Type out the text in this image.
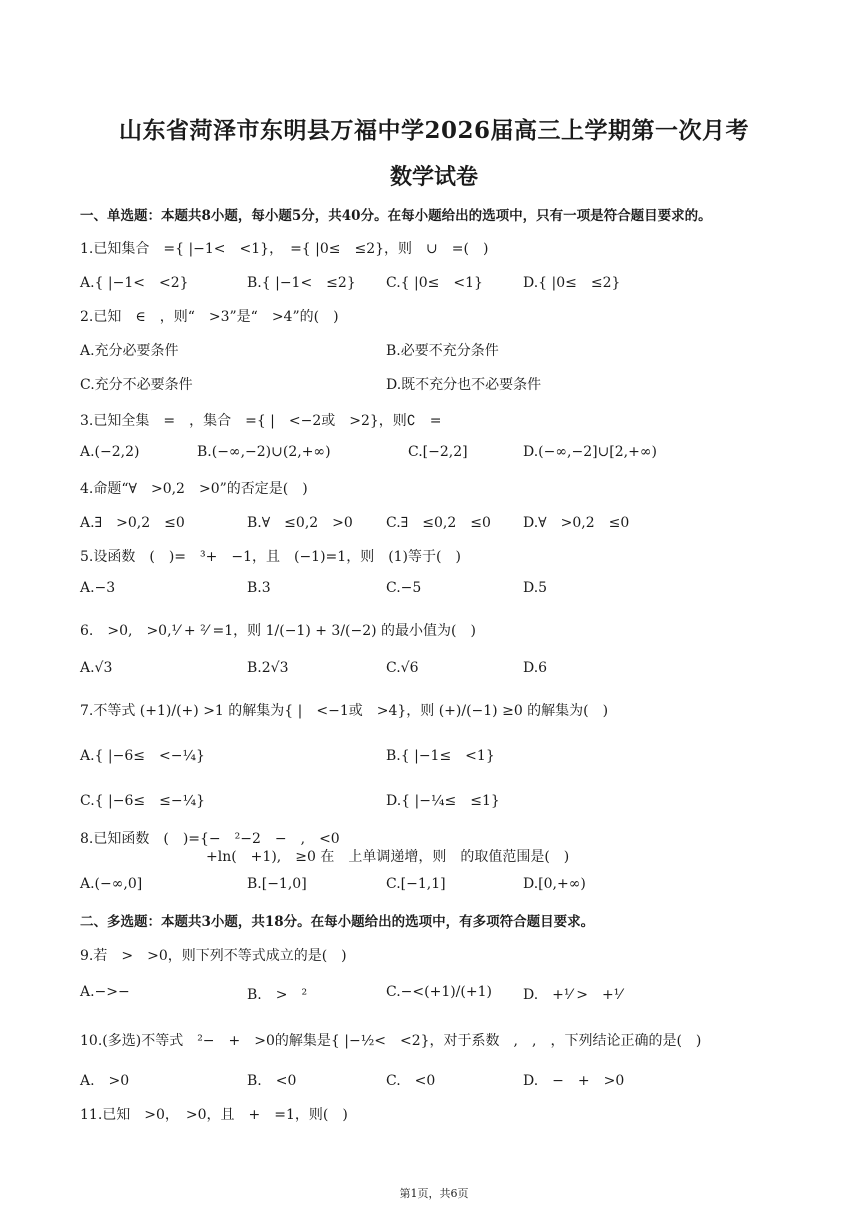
山东省菏泽市东明县万福中学2026届高三上学期第一次月考
数学试卷
一、单选题：本题共8小题，每小题5分，共40分。在每小题给出的选项中，只有一项是符合题目要求的。
1.已知集合　={ |−1<　<1}，　={ |0≤　≤2}，则　∪　=(　)
A.{ |−1<　<2}	B.{ |−1<　≤2} C.{ |0≤　<1}	D.{ |0≤　≤2}
2.已知　∈　，则“　>3”是“　>4”的(　)
A.充分必要条件	B.必要不充分条件
C.充分不必要条件	D.既不充分也不必要条件
3.已知全集　=　，集合　={ |　<−2或　>2}，则∁　=
A.(−2,2)	B.(−∞,−2)∪(2,+∞)	C.[−2,2]	D.(−∞,−2]∪[2,+∞)
4.命题“∀　>0,2　>0”的否定是(　)
A.∃　>0,2　≤0	B.∀　≤0,2　>0 C.∃　≤0,2　≤0 D.∀　>0,2　≤0
5.设函数　(　)=　³+　−1，且　(−1)=1，则　(1)等于(　)
A.−3	B.3	C.−5	D.5
6.　>0,　>0,¹⁄ + ²⁄ =1，则 1/(−1) + 3/(−2) 的最小值为(　)
A.√3	B.2√3	C.√6	D.6
7.不等式 (+1)/(+) >1 的解集为{ |　<−1或　>4}，则 (+)/(−1) ≥0 的解集为(　)
A.{ |−6≤　<−¼}	B.{ |−1≤　<1}
C.{ |−6≤　≤−¼}	D.{ |−¼≤　≤1}
8.已知函数　(　)={−　²−2　−　,　<0
　　　　　　　　　+ln(　+1),　≥0 在　上单调递增，则　的取值范围是(　)
A.(−∞,0]	B.[−1,0]	C.[−1,1]	D.[0,+∞)
二、多选题：本题共3小题，共18分。在每小题给出的选项中，有多项符合题目要求。
9.若　>　>0，则下列不等式成立的是(　)
A.−>−	B.　>　²	C.−<(+1)/(+1) D.　+¹⁄ >　+¹⁄
10.(多选)不等式　²−　+　>0的解集是{ |−½<　<2}，对于系数　,　,　，下列结论正确的是(　)
A.　>0	B.　<0	C.　<0	D.　−　+　>0
11.已知　>0，　>0，且　+　=1，则(　)
第1页，共6页
